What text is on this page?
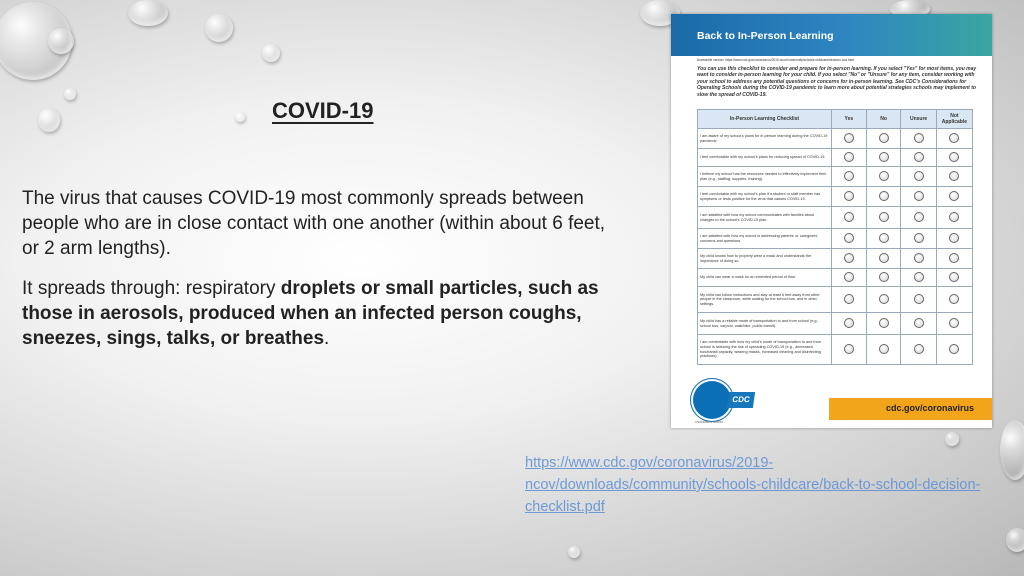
COVID-19

The virus that causes COVID-19 most commonly spreads between people who are in close contact with one another (within about 6 feet, or 2 arm lengths).

It spreads through: respiratory droplets or small particles, such as those in aerosols, produced when an infected person coughs, sneezes, sings, talks, or breathes.

https://www.cdc.gov/coronavirus/2019-ncov/downloads/community/schools-childcare/back-to-school-decision-checklist.pdf
Back to In-Person Learning
Accessible version: https://www.cdc.gov/coronavirus/2019-ncov/community/schools-childcare/decision-tool.html
You can use this checklist to consider and prepare for in-person learning. If you select "Yes" for most items, you may want to consider in-person learning for your child. If you select "No" or "Unsure" for any item, consider working with your school to address any potential questions or concerns for in-person learning. See CDC's Considerations for Operating Schools during the COVID-19 pandemic to learn more about potential strategies schools may implement to slow the spread of COVID-19.
In-Person Learning Checklist	Yes	No	Unsure	Not Applicable
I am aware of my school's plans for in-person learning during the COVID-19 pandemic.				
I feel comfortable with my school's plans for reducing spread of COVID-19.				
I believe my school has the resources needed to effectively implement their plan (e.g., staffing, supplies, training).				
I feel comfortable with my school's plan if a student or staff member has symptoms or tests positive for the virus that causes COVID-19.				
I am satisfied with how my school communicates with families about changes to the school's COVID-19 plan.				
I am satisfied with how my school is addressing parents' or caregivers' concerns and questions.				
My child knows how to properly wear a mask and understands the importance of doing so.				
My child can wear a mask for an extended period of time.				
My child can follow instructions and stay at least 6 feet away from other people in the classroom, while waiting for the school bus, and in other settings.				
My child has a reliable mode of transportation to and from school (e.g., school bus, carpool, walk/bike, public transit).				
I am comfortable with how my child's mode of transportation to and from school is reducing the risk of spreading COVID-19 (e.g., decreased bus/transit capacity, wearing masks, increased cleaning and disinfecting practices).				
CDC
cdc.gov/coronavirus
CS319860-A 10/8/20
